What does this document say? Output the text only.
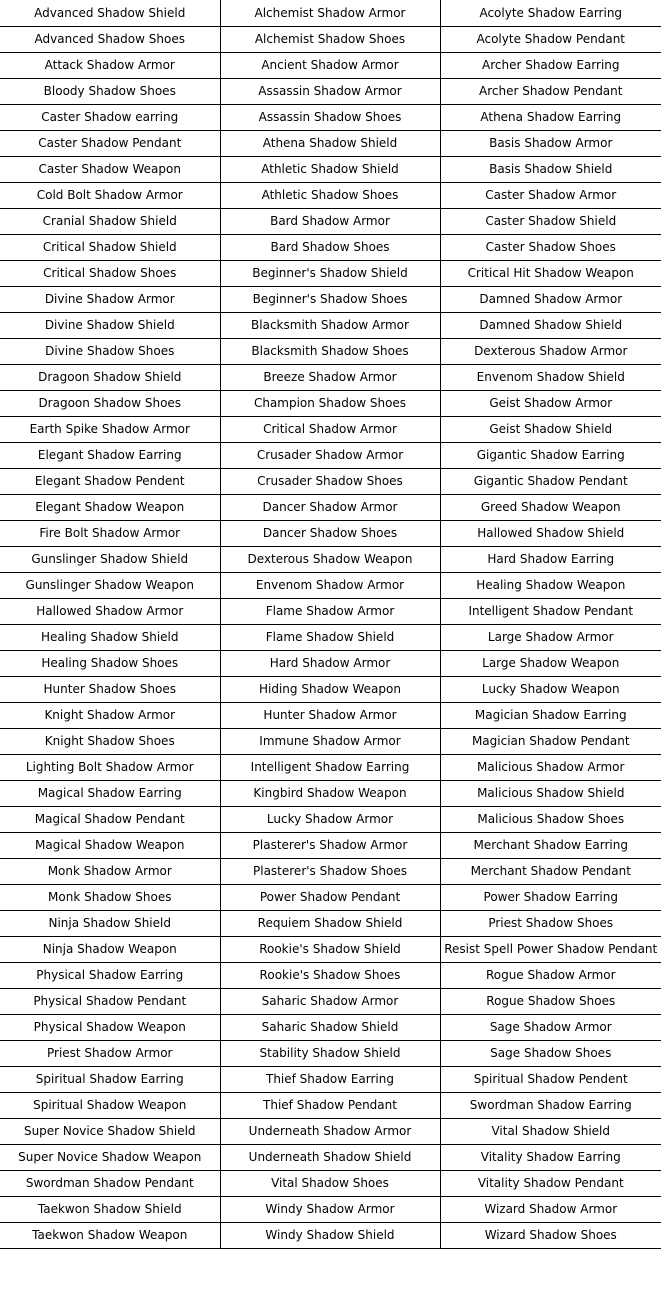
Advanced Shadow Shield	Alchemist Shadow Armor	Acolyte Shadow Earring
Advanced Shadow Shoes	Alchemist Shadow Shoes	Acolyte Shadow Pendant
Attack Shadow Armor	Ancient Shadow Armor	Archer Shadow Earring
Bloody Shadow Shoes	Assassin Shadow Armor	Archer Shadow Pendant
Caster Shadow earring	Assassin Shadow Shoes	Athena Shadow Earring
Caster Shadow Pendant	Athena Shadow Shield	Basis Shadow Armor
Caster Shadow Weapon	Athletic Shadow Shield	Basis Shadow Shield
Cold Bolt Shadow Armor	Athletic Shadow Shoes	Caster Shadow Armor
Cranial Shadow Shield	Bard Shadow Armor	Caster Shadow Shield
Critical Shadow Shield	Bard Shadow Shoes	Caster Shadow Shoes
Critical Shadow Shoes	Beginner's Shadow Shield	Critical Hit Shadow Weapon
Divine Shadow Armor	Beginner's Shadow Shoes	Damned Shadow Armor
Divine Shadow Shield	Blacksmith Shadow Armor	Damned Shadow Shield
Divine Shadow Shoes	Blacksmith Shadow Shoes	Dexterous Shadow Armor
Dragoon Shadow Shield	Breeze Shadow Armor	Envenom Shadow Shield
Dragoon Shadow Shoes	Champion Shadow Shoes	Geist Shadow Armor
Earth Spike Shadow Armor	Critical Shadow Armor	Geist Shadow Shield
Elegant Shadow Earring	Crusader Shadow Armor	Gigantic Shadow Earring
Elegant Shadow Pendent	Crusader Shadow Shoes	Gigantic Shadow Pendant
Elegant Shadow Weapon	Dancer Shadow Armor	Greed Shadow Weapon
Fire Bolt Shadow Armor	Dancer Shadow Shoes	Hallowed Shadow Shield
Gunslinger Shadow Shield	Dexterous Shadow Weapon	Hard Shadow Earring
Gunslinger Shadow Weapon	Envenom Shadow Armor	Healing Shadow Weapon
Hallowed Shadow Armor	Flame Shadow Armor	Intelligent Shadow Pendant
Healing Shadow Shield	Flame Shadow Shield	Large Shadow Armor
Healing Shadow Shoes	Hard Shadow Armor	Large Shadow Weapon
Hunter Shadow Shoes	Hiding Shadow Weapon	Lucky Shadow Weapon
Knight Shadow Armor	Hunter Shadow Armor	Magician Shadow Earring
Knight Shadow Shoes	Immune Shadow Armor	Magician Shadow Pendant
Lighting Bolt Shadow Armor	Intelligent Shadow Earring	Malicious Shadow Armor
Magical Shadow Earring	Kingbird Shadow Weapon	Malicious Shadow Shield
Magical Shadow Pendant	Lucky Shadow Armor	Malicious Shadow Shoes
Magical Shadow Weapon	Plasterer's Shadow Armor	Merchant Shadow Earring
Monk Shadow Armor	Plasterer's Shadow Shoes	Merchant Shadow Pendant
Monk Shadow Shoes	Power Shadow Pendant	Power Shadow Earring
Ninja Shadow Shield	Requiem Shadow Shield	Priest Shadow Shoes
Ninja Shadow Weapon	Rookie's Shadow Shield	Resist Spell Power Shadow Pendant
Physical Shadow Earring	Rookie's Shadow Shoes	Rogue Shadow Armor
Physical Shadow Pendant	Saharic Shadow Armor	Rogue Shadow Shoes
Physical Shadow Weapon	Saharic Shadow Shield	Sage Shadow Armor
Priest Shadow Armor	Stability Shadow Shield	Sage Shadow Shoes
Spiritual Shadow Earring	Thief Shadow Earring	Spiritual Shadow Pendent
Spiritual Shadow Weapon	Thief Shadow Pendant	Swordman Shadow Earring
Super Novice Shadow Shield	Underneath Shadow Armor	Vital Shadow Shield
Super Novice Shadow Weapon	Underneath Shadow Shield	Vitality Shadow Earring
Swordman Shadow Pendant	Vital Shadow Shoes	Vitality Shadow Pendant
Taekwon Shadow Shield	Windy Shadow Armor	Wizard Shadow Armor
Taekwon Shadow Weapon	Windy Shadow Shield	Wizard Shadow Shoes
